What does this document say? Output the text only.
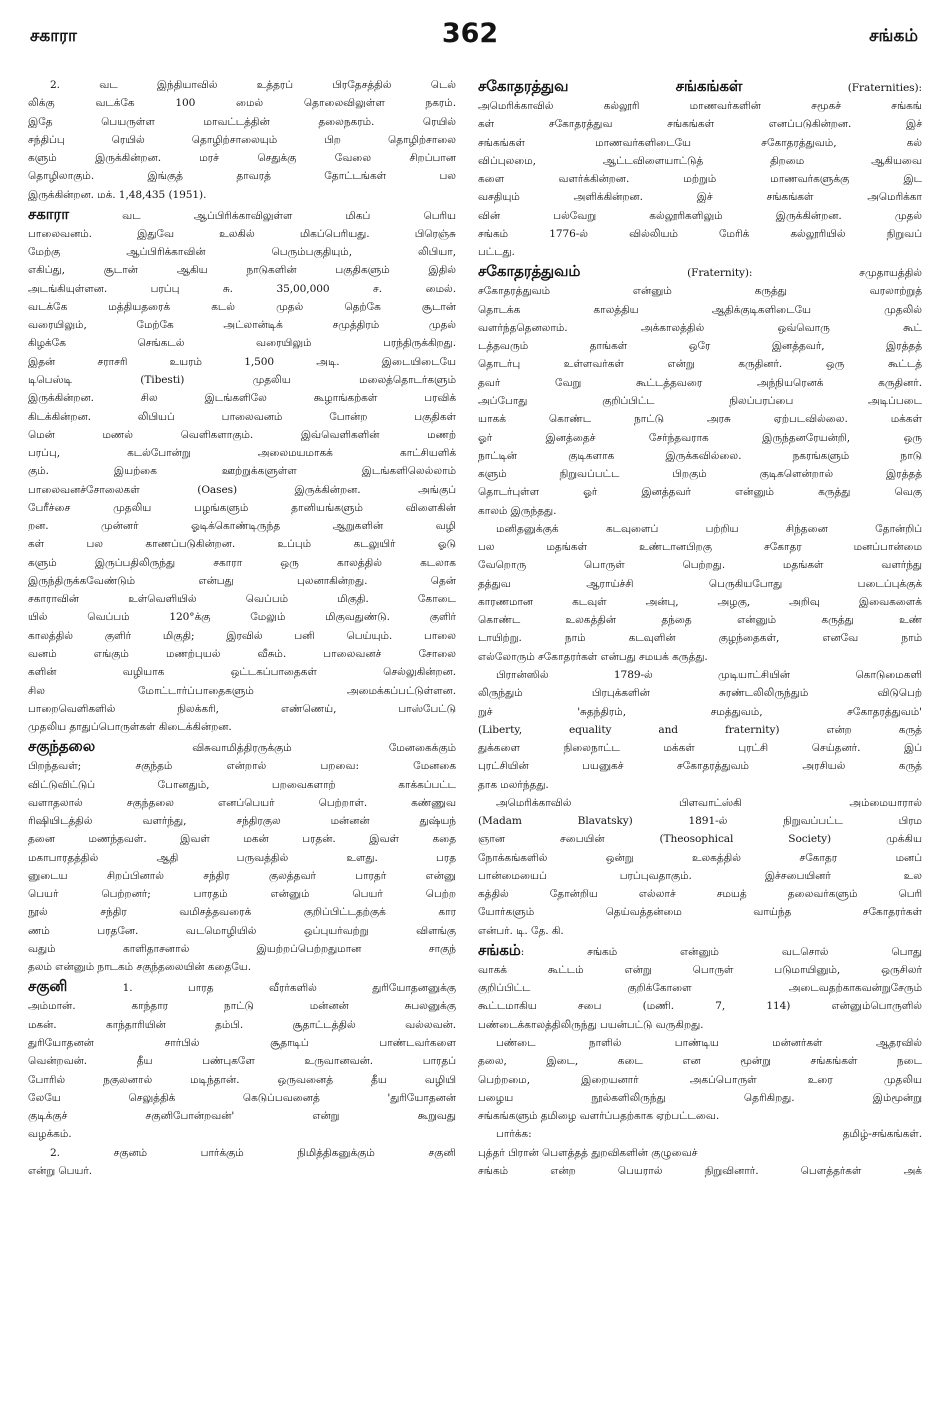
சகாரா	362	சங்கம்
2. வட இந்தியாவில் உத்தரப் பிரதேசத்தில் டெல்
லிக்கு வடக்கே 100 மைல் தொலைவிலுள்ள நகரம்.
இதே பெயருள்ள மாவட்டத்தின் தலைநகரம். ரெயில்
சந்திப்பு ரெயில் தொழிற்சாலையும் பிற தொழிற்சாலை
களும் இருக்கின்றன. மரச் செதுக்கு வேலை சிறப்பான
தொழிலாகும். இங்குத் தாவரத் தோட்டங்கள் பல
இருக்கின்றன. மக். 1,48,435 (1951).
சகாரா வட ஆப்பிரிக்காவிலுள்ள மிகப் பெரிய
பாலைவனம். இதுவே உலகில் மிகப்பெரியது. பிரெஞ்சு
மேற்கு ஆப்பிரிக்காவின் பெரும்பகுதியும், லிபியா,
எகிப்து, சூடான் ஆகிய நாடுகளின் பகுதிகளும் இதில்
அடங்கியுள்ளன. பரப்பு சு. 35,00,000 ச. மைல்.
வடக்கே மத்தியதரைக் கடல் முதல் தெற்கே சூடான்
வரையிலும், மேற்கே அட்லான்டிக் சமுத்திரம் முதல்
கிழக்கே செங்கடல் வரையிலும் பரந்திருக்கிறது.
இதன் சராசரி உயரம் 1,500 அடி. இடையிடையே
டிபெஸ்டி (Tibesti) முதலிய மலைத்தொடர்களும்
இருக்கின்றன. சில இடங்களிலே கூழாங்கற்கள் பரவிக்
கிடக்கின்றன. லிபியப் பாலைவனம் போன்ற பகுதிகள்
மென் மணல் வெளிகளாகும். இவ்வெளிகளின் மணற்
பரப்பு, கடல்போன்று அலைமயமாகக் காட்சியளிக்
கும். இயற்கை ஊற்றுக்களுள்ள இடங்களிலெல்லாம்
பாலைவனச்சோலைகள் (Oases) இருக்கின்றன. அங்குப்
பேரீச்சை முதலிய பழங்களும் தானியங்களும் விளைகின்
றன. முன்னர் ஓடிக்கொண்டிருந்த ஆறுகளின் வழி
கள் பல காணப்படுகின்றன. உப்பும் கடலுயிர் ஓடு
களும் இருப்பதிலிருந்து சகாரா ஒரு காலத்தில் கடலாக
இருந்திருக்கவேண்டும் என்பது புலனாகின்றது. தென்
சகாராவின் உள்வெளியில் வெப்பம் மிகுதி. கோடை
யில் வெப்பம் 120°க்கு மேலும் மிகுவதுண்டு. குளிர்
காலத்தில் குளிர் மிகுதி; இரவில் பனி பெய்யும். பாலை
வனம் எங்கும் மணற்புயல் வீசும். பாலைவனச் சோலை
களின் வழியாக ஒட்டகப்பாதைகள் செல்லுகின்றன.
சில மோட்டார்ப்பாதைகளும் அமைக்கப்பட்டுள்ளன.
பாறைவெளிகளில் நிலக்கரி, எண்ணெய், பாஸ்பேட்டு
முதலிய தாதுப்பொருள்கள் கிடைக்கின்றன.
சகுந்தலை விசுவாமித்திரருக்கும் மேனகைக்கும்
பிறந்தவள்; சகுந்தம் என்றால் பறவை: மேனகை
விட்டுவிட்டுப் போனதும், பறவைகளாற் காக்கப்பட்ட
வளாதலால் சகுந்தலை எனப்பெயர் பெற்றாள். கண்ணுவ
ரிஷியிடத்தில் வளர்ந்து, சந்திரகுல மன்னன் துஷ்யந்
தனை மணந்தவள். இவள் மகன் பரதன். இவள் கதை
மகாபாரதத்தில் ஆதி பருவத்தில் உளது. பரத
னுடைய சிறப்பினால் சந்திர குலத்தவர் பாரதர் என்னு
பெயர் பெற்றனர்; பாரதம் என்னும் பெயர் பெற்ற
நூல் சந்திர வமிசத்தவரைக் குறிப்பிட்டதற்குக் கார
ணம் பரதனே. வடமொழியில் ஒப்புயர்வற்று விளங்கு
வதும் காளிதாசனால் இயற்றப்பெற்றதுமான சாகுந்
தலம் என்னும் நாடகம் சகுந்தலையின் கதையே.
சகுனி 1. பாரத வீரர்களில் துரியோதனனுக்கு
அம்மான். காந்தார நாட்டு மன்னன் சுபலனுக்கு
மகன். காந்தாரியின் தம்பி. சூதாட்டத்தில் வல்லவன்.
துரியோதனன் சார்பில் சூதாடிப் பாண்டவர்களை
வென்றவன். தீய பண்புகளே உருவானவன். பாரதப்
போரில் நகுலனால் மடிந்தான். ஒருவனைத் தீய வழியி
லேயே செலுத்திக் கெடுப்பவனைத் 'துரியோதனன்
குடிக்குச் சகுனிபோன்றவன்' என்று கூறுவது
வழக்கம்.
2. சகுனம் பார்க்கும் நிமித்திகனுக்கும் சகுனி
என்று பெயர்.
சகோதரத்துவ சங்கங்கள் (Fraternities):
அமெரிக்காவில் கல்லூரி மாணவர்களின் சமூகச் சங்கங்
கள் சகோதரத்துவ சங்கங்கள் எனப்படுகின்றன. இச்
சங்கங்கள் மாணவர்களிடையே சகோதரத்துவம், கல்
விப்புலமை, ஆட்டவிளையாட்டுத் திறமை ஆகியவை
களை வளர்க்கின்றன. மற்றும் மாணவர்களுக்கு இட
வசதியும் அளிக்கின்றன. இச் சங்கங்கள் அமெரிக்கா
வின் பல்வேறு கல்லூரிகளிலும் இருக்கின்றன. முதல்
சங்கம் 1776-ல் வில்லியம் மேரிக் கல்லூரியில் நிறுவப்
பட்டது.
சகோதரத்துவம் (Fraternity): சமுதாயத்தில்
சகோதரத்துவம் என்னும் கருத்து வரலாற்றுத்
தொடக்க காலத்திய ஆதிக்குடிகளிடையே முதலில்
வளர்ந்ததெனலாம். அக்காலத்தில் ஒவ்வொரு கூட்
டத்தவரும் தாங்கள் ஒரே இனத்தவர், இரத்தத்
தொடர்பு உள்ளவர்கள் என்று கருதினர். ஒரு கூட்டத்
தவர் வேறு கூட்டத்தவரை அந்நியரெனக் கருதினர்.
அப்போது குறிப்பிட்ட நிலப்பரப்பை அடிப்படை
யாகக் கொண்ட நாட்டு அரசு ஏற்படவில்லை. மக்கள்
ஓர் இனத்தைச் சேர்ந்தவராக இருந்தனரேயன்றி, ஒரு
நாட்டின் குடிகளாக இருக்கவில்லை. நகரங்களும் நாடு
களும் நிறுவப்பட்ட பிறகும் குடிகளென்றால் இரத்தத்
தொடர்புள்ள ஓர் இனத்தவர் என்னும் கருத்து வெகு
காலம் இருந்தது.
மனிதனுக்குக் கடவுளைப் பற்றிய சிந்தனை தோன்றிப்
பல மதங்கள் உண்டானபிறகு சகோதர மனப்பான்மை
வேறொரு பொருள் பெற்றது. மதங்கள் வளர்ந்து
தத்துவ ஆராய்ச்சி பெருகியபோது படைப்புக்குக்
காரணமான கடவுள் அன்பு, அழகு, அறிவு இவைகளைக்
கொண்ட உலகத்தின் தந்தை என்னும் கருத்து உண்
டாயிற்று. நாம் கடவுளின் குழந்தைகள், எனவே நாம்
எல்லோரும் சகோதரர்கள் என்பது சமயக் கருத்து.
பிரான்ஸில் 1789-ல் முடியாட்சியின் கொடுமைகளி
லிருந்தும் பிரபுக்களின் சுரண்டலிலிருந்தும் விடுபெற்
றுச் 'சுதந்திரம், சமத்துவம், சகோதரத்துவம்'
(Liberty, equality and fraternity) என்ற கருத்
துக்களை நிலைநாட்ட மக்கள் புரட்சி செய்தனர். இப்
புரட்சியின் பயனுகச் சகோதரத்துவம் அரசியல் கருத்
தாக மலர்ந்தது.
அமெரிக்காவில் பிளவாட்ஸ்கி அம்மையாரால்
(Madam Blavatsky) 1891-ல் நிறுவப்பட்ட பிரம
ஞான சபையின் (Theosophical Society) முக்கிய
நோக்கங்களில் ஒன்று உலகத்தில் சகோதர மனப்
பான்மையைப் பரப்புவதாகும். இச்சபையினர் உல
கத்தில் தோன்றிய எல்லாச் சமயத் தலைவர்களும் பெரி
யோர்களும் தெய்வத்தன்மை வாய்ந்த சகோதரர்கள்
என்பர். டி. தே. கி.
சங்கம்: சங்கம் என்னும் வடசொல் பொது
வாகக் கூட்டம் என்று பொருள் படுமாயினும், ஒருசிலர்
குறிப்பிட்ட குறிக்கோளை அடைவதற்காகவன்றுசேரும்
கூட்டமாகிய சபை (மணி. 7, 114) என்னும்பொருளில்
பண்டைக்காலத்திலிருந்து பயன்பட்டு வருகிறது.
பண்டை நாளில் பாண்டிய மன்னர்கள் ஆதரவில்
தலை, இடை, கடை என மூன்று சங்கங்கள் நடை
பெற்றமை, இறையனார் அகப்பொருள் உரை முதலிய
பழைய நூல்களிலிருந்து தெரிகிறது. இம்மூன்று
சங்கங்களும் தமிழை வளர்ப்பதற்காக ஏற்பட்டவை.
பார்க்க: தமிழ்-சங்கங்கள்.
புத்தர் பிரான் பௌத்தத் துறவிகளின் குழுவைச்
சங்கம் என்ற பெயரால் நிறுவினார். பௌத்தர்கள் அக்
